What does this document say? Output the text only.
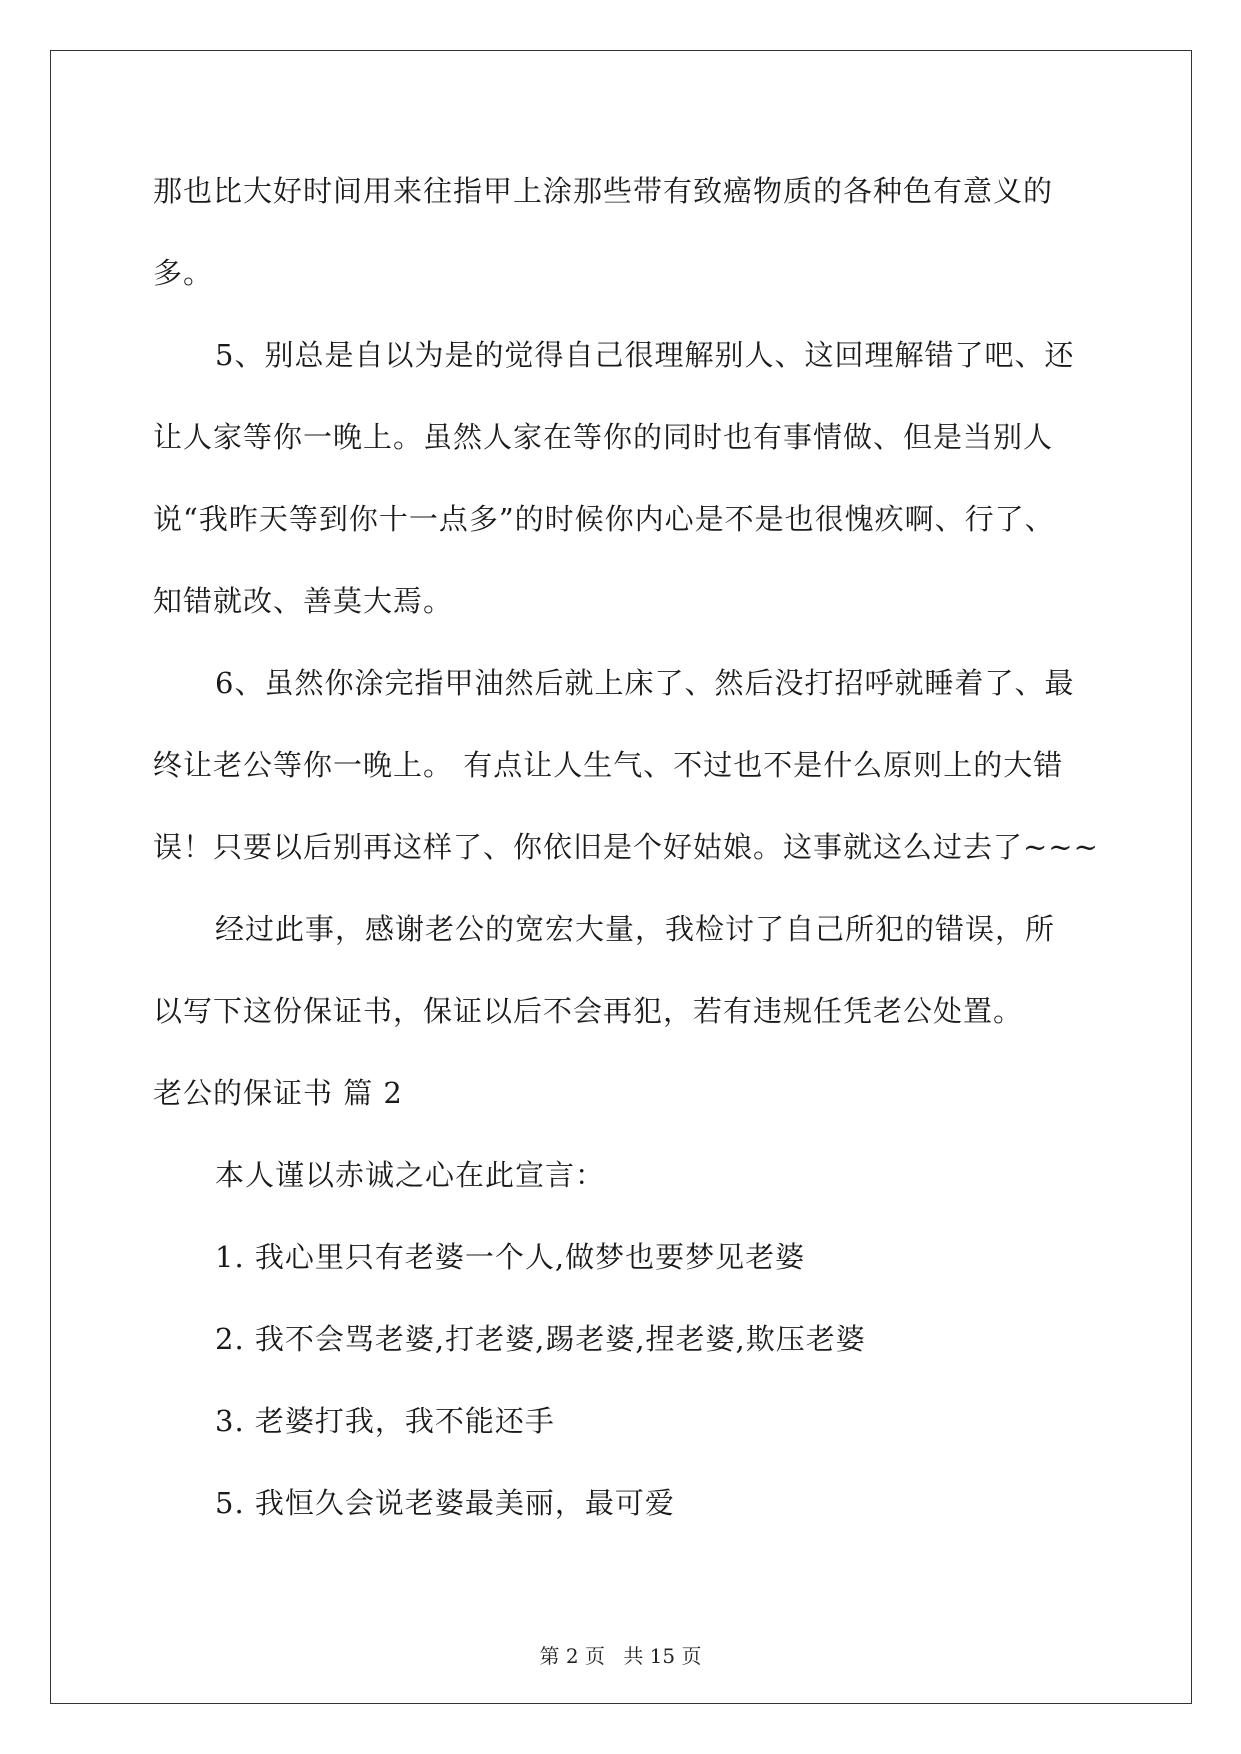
那也比大好时间用来往指甲上涂那些带有致癌物质的各种色有意义的

多。

5、别总是自以为是的觉得自己很理解别人、这回理解错了吧、还

让人家等你一晚上。虽然人家在等你的同时也有事情做、但是当别人

说“我昨天等到你十一点多”的时候你内心是不是也很愧疚啊、行了、

知错就改、善莫大焉。

6、虽然你涂完指甲油然后就上床了、然后没打招呼就睡着了、最

终让老公等你一晚上。 有点让人生气、不过也不是什么原则上的大错

误！只要以后别再这样了、你依旧是个好姑娘。这事就这么过去了~~~

经过此事，感谢老公的宽宏大量，我检讨了自己所犯的错误，所

以写下这份保证书，保证以后不会再犯，若有违规任凭老公处置。

老公的保证书 篇 2

本人谨以赤诚之心在此宣言：

1. 我心里只有老婆一个人,做梦也要梦见老婆

2. 我不会骂老婆,打老婆,踢老婆,捏老婆,欺压老婆

3. 老婆打我，我不能还手

5. 我恒久会说老婆最美丽，最可爱

第 2 页 共 15 页
